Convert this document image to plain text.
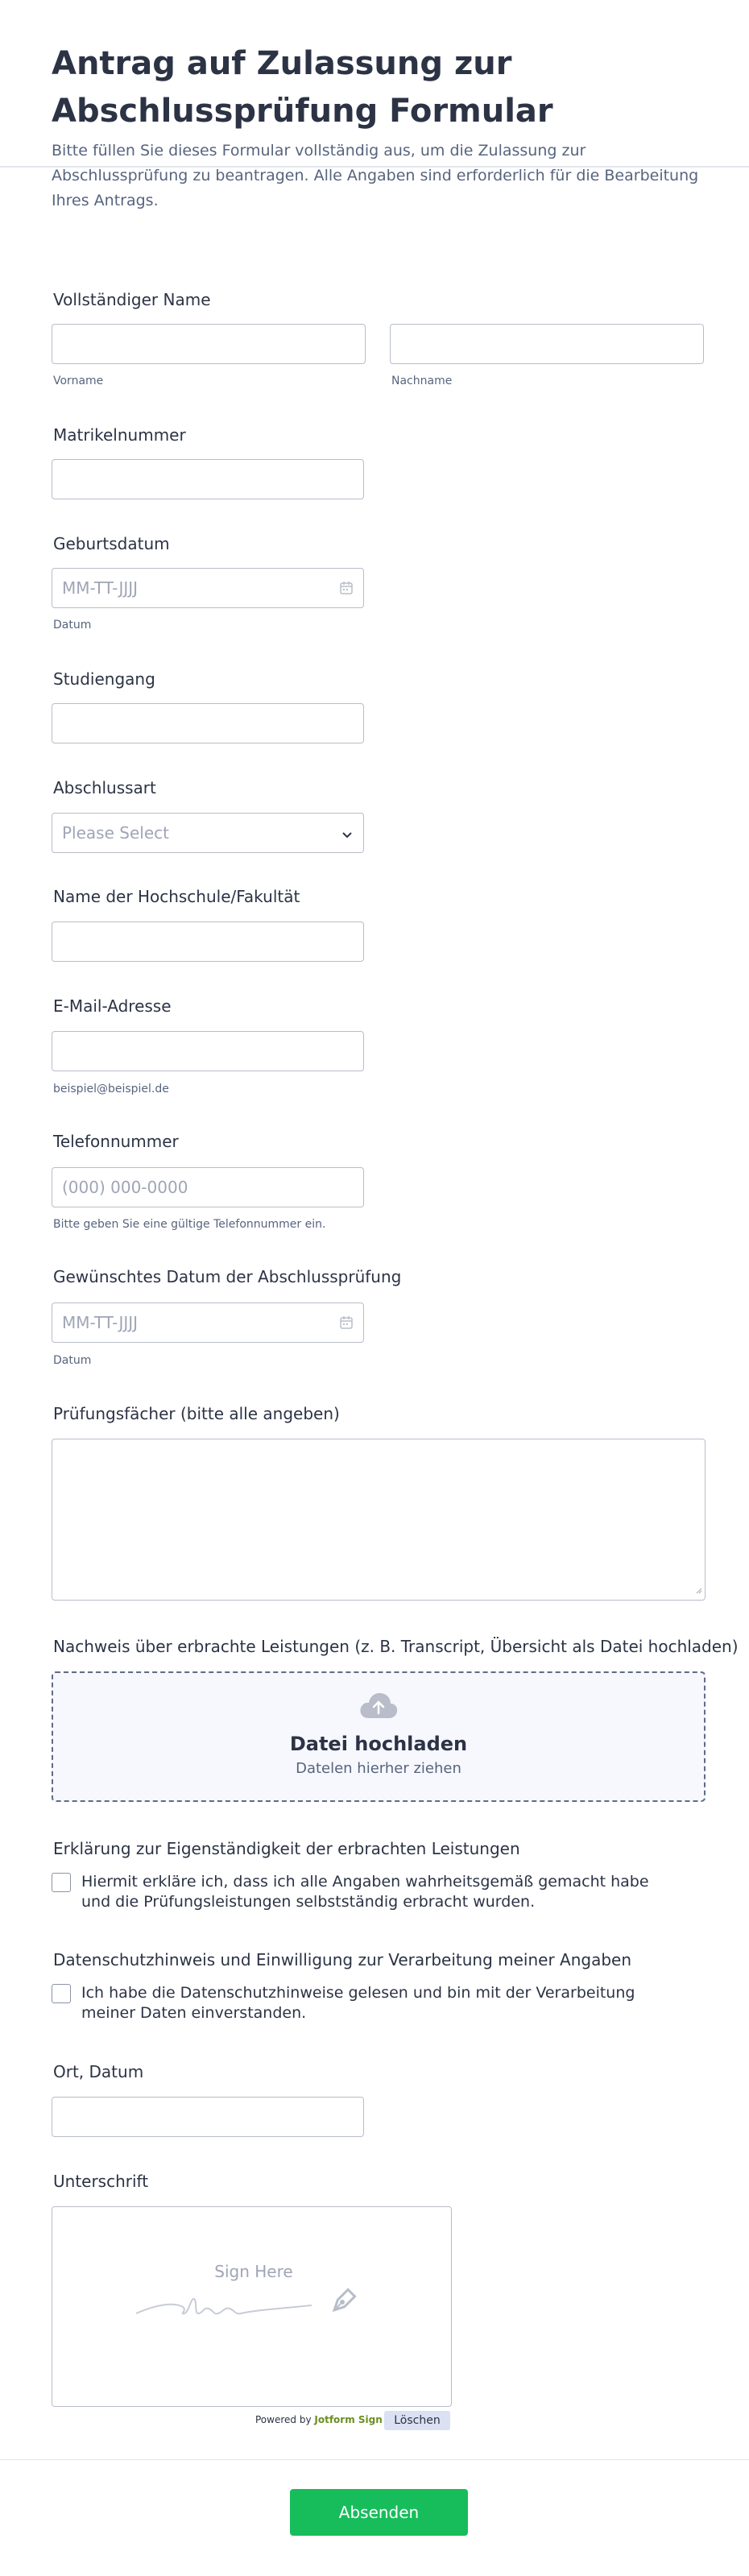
Antrag auf Zulassung zur Abschlussprüfung Formular
Bitte füllen Sie dieses Formular vollständig aus, um die Zulassung zur Abschlussprüfung zu beantragen. Alle Angaben sind erforderlich für die Bearbeitung Ihres Antrags.
Vollständiger Name
Vorname	Nachname
Matrikelnummer
Geburtsdatum
MM-TT-JJJJ
Datum
Studiengang
Abschlussart
Please Select
Name der Hochschule/Fakultät
E-Mail-Adresse
beispiel@beispiel.de
Telefonnummer
(000) 000-0000
Bitte geben Sie eine gültige Telefonnummer ein.
Gewünschtes Datum der Abschlussprüfung
MM-TT-JJJJ
Datum
Prüfungsfächer (bitte alle angeben)
Nachweis über erbrachte Leistungen (z. B. Transcript, Übersicht als Datei hochladen)
Datei hochladen
Datelen hierher ziehen
Erklärung zur Eigenständigkeit der erbrachten Leistungen
Hiermit erkläre ich, dass ich alle Angaben wahrheitsgemäß gemacht habe und die Prüfungsleistungen selbstständig erbracht wurden.
Datenschutzhinweis und Einwilligung zur Verarbeitung meiner Angaben
Ich habe die Datenschutzhinweise gelesen und bin mit der Verarbeitung meiner Daten einverstanden.
Ort, Datum
Unterschrift
Sign Here
Powered by Jotform Sign	Löschen
Absenden
